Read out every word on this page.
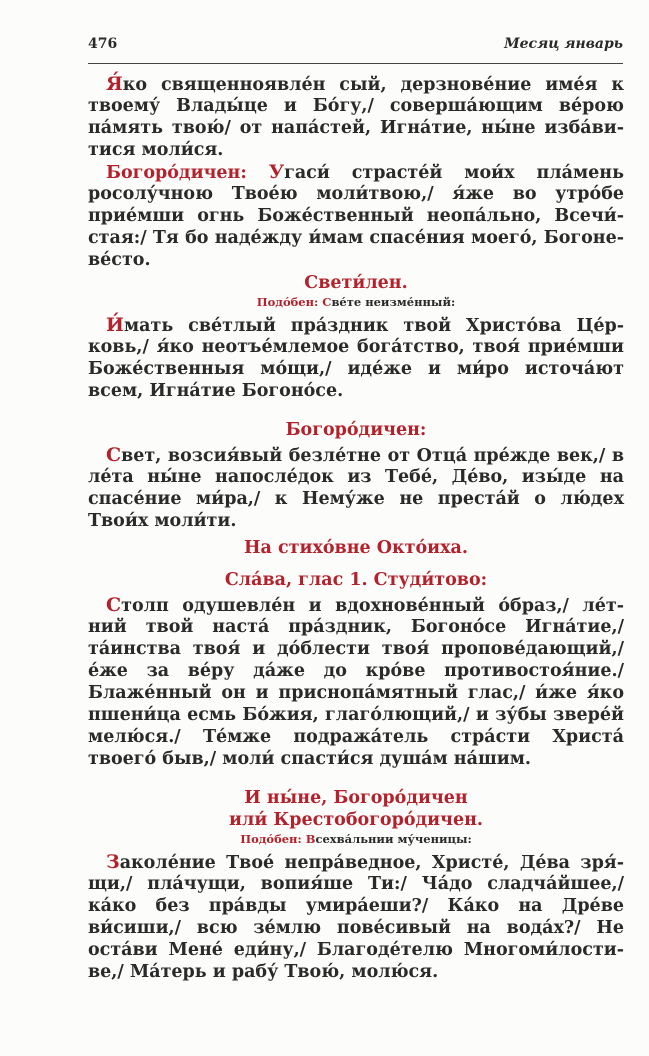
476	Месяц январь
Я́ко священноявле́н сый, дерзнове́ние име́я к
твоему́ Влады́це и Бо́гу,/ соверша́ющим ве́рою
па́мять твою́/ от напа́стей, Игна́тие, ны́не изба́ви-
тися моли́ся.
Богоро́дичен: Угаси́ страсте́й мои́х пла́мень
росолу́чною Твое́ю моли́твою,/ я́же во утро́бе
прие́мши огнь Боже́ственный неопа́льно, Всечи́-
стая:/ Тя бо наде́жду и́мам спасе́ния моего́, Богоне-
ве́сто.
Свети́лен.
Подо́бен: Све́те неизме́нный:
И́мать све́тлый пра́здник твой Христо́ва Це́р-
ковь,/ я́ко неотъе́млемое бога́тство, твоя́ прие́мши
Боже́ственныя мо́щи,/ иде́же и ми́ро источа́ют
всем, Игна́тие Богоно́се.
Богоро́дичен:
Свет, возсия́вый безле́тне от Отца́ пре́жде век,/ в
ле́та ны́не напосле́док из Тебе́, Де́во, изы́де на
спасе́ние ми́ра,/ к Нему́же не преста́й о лю́дех
Твои́х моли́ти.
На стихо́вне Окто́иха.
Сла́ва, глас 1. Студи́тово:
Столп одушевле́н и вдохнове́нный о́браз,/ ле́т-
ний твой наста́ пра́здник, Богоно́се Игна́тие,/
та́инства твоя́ и до́блести твоя́ пропове́дающий,/
е́же за ве́ру да́же до кро́ве противостоя́ние./
Блаже́нный он и приснопа́мятный глас,/ и́же я́ко
пшени́ца есмь Бо́жия, глаго́лющий,/ и зу́бы звере́й
мелю́ся./ Те́мже подража́тель стра́сти Христа́
твоего́ быв,/ моли́ спасти́ся душа́м на́шим.
И ны́не, Богоро́дичен
или́ Крестобогоро́дичен.
Подо́бен: Всехва́льнии му́ченицы:
Заколе́ние Твое́ непра́ведное, Христе́, Де́ва зря́-
щи,/ пла́чущи, вопия́ше Ти:/ Ча́до сладча́йшее,/
ка́ко без пра́вды умира́еши?/ Ка́ко на Дре́ве
ви́сиши,/ всю зе́млю пове́сивый на вода́х?/ Не
оста́ви Мене́ еди́ну,/ Благоде́телю Многоми́лости-
ве,/ Ма́терь и рабу́ Твою́, молю́ся.
